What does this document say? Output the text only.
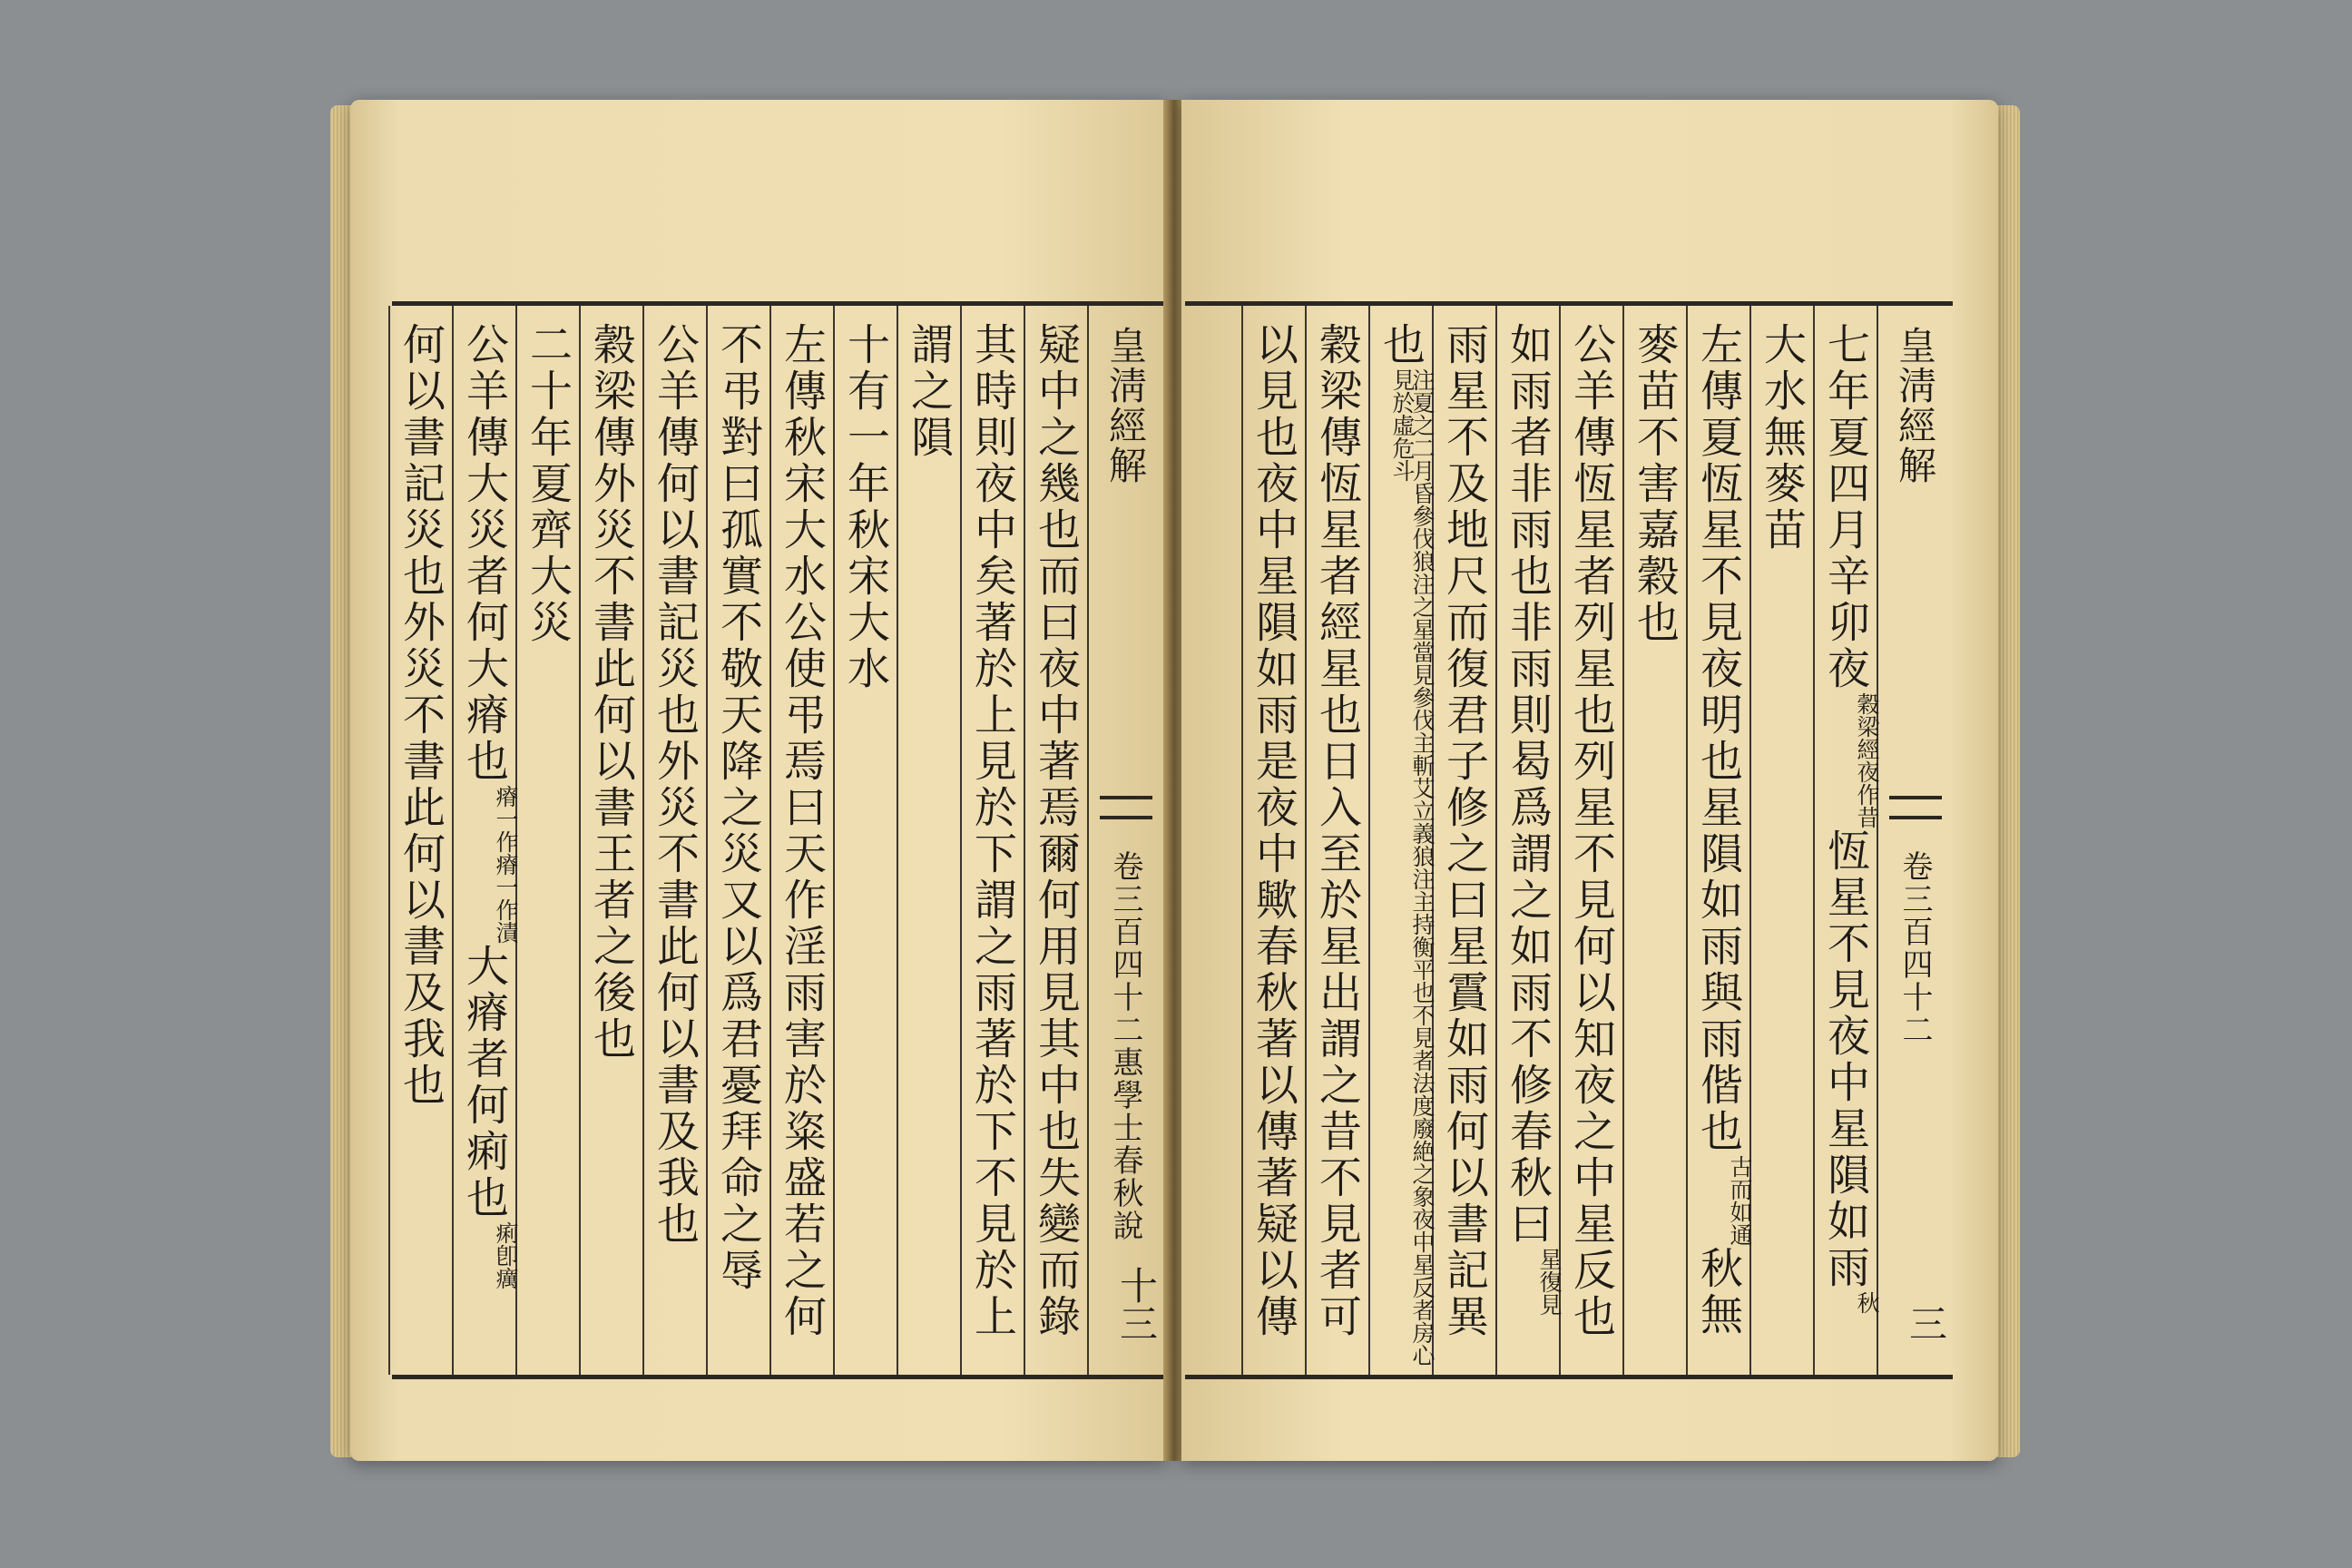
皇淸經解
卷三百四十二惠學士春秋說
十三
疑中之幾也而曰夜中著焉爾何用見其中也失變而錄
其時則夜中矣著於上見於下謂之雨著於下不見於上
謂之隕
十有一年秋宋大水
左傳秋宋大水公使弔焉曰天作淫雨害於粢盛若之何
不弔對曰孤實不敬天降之災又以爲君憂拜命之辱
公羊傳何以書記災也外災不書此何以書及我也
穀梁傳外災不書此何以書王者之後也
二十年夏齊大災
公羊傳大災者何大瘠也
瘠一作瘠一作漬
大瘠者何痢也
痢卽癘
何以書記災也外災不書此何以書及我也	皇淸經解
卷三百四十二
三
七年夏四月辛卯夜
穀梁經夜作昔
恆星不見夜中星隕如雨
秋
大水無麥苗
左傳夏恆星不見夜明也星隕如雨與雨偕也
古而如通
秋無
麥苗不害嘉穀也
公羊傳恆星者列星也列星不見何以知夜之中星反也
如雨者非雨也非雨則曷爲謂之如雨不修春秋曰
星復見
雨星不及地尺而復君子修之曰星霣如雨何以書記異
也
注夏之二月昏參伐狼注之星當見參伐主斬艾立義狼注主持衡平也不見者法度廢絶之象夜中星反者房心見於虛危斗
穀梁傳恆星者經星也日入至於星出謂之昔不見者可
以見也夜中星隕如雨是夜中歟春秋著以傳著疑以傳
